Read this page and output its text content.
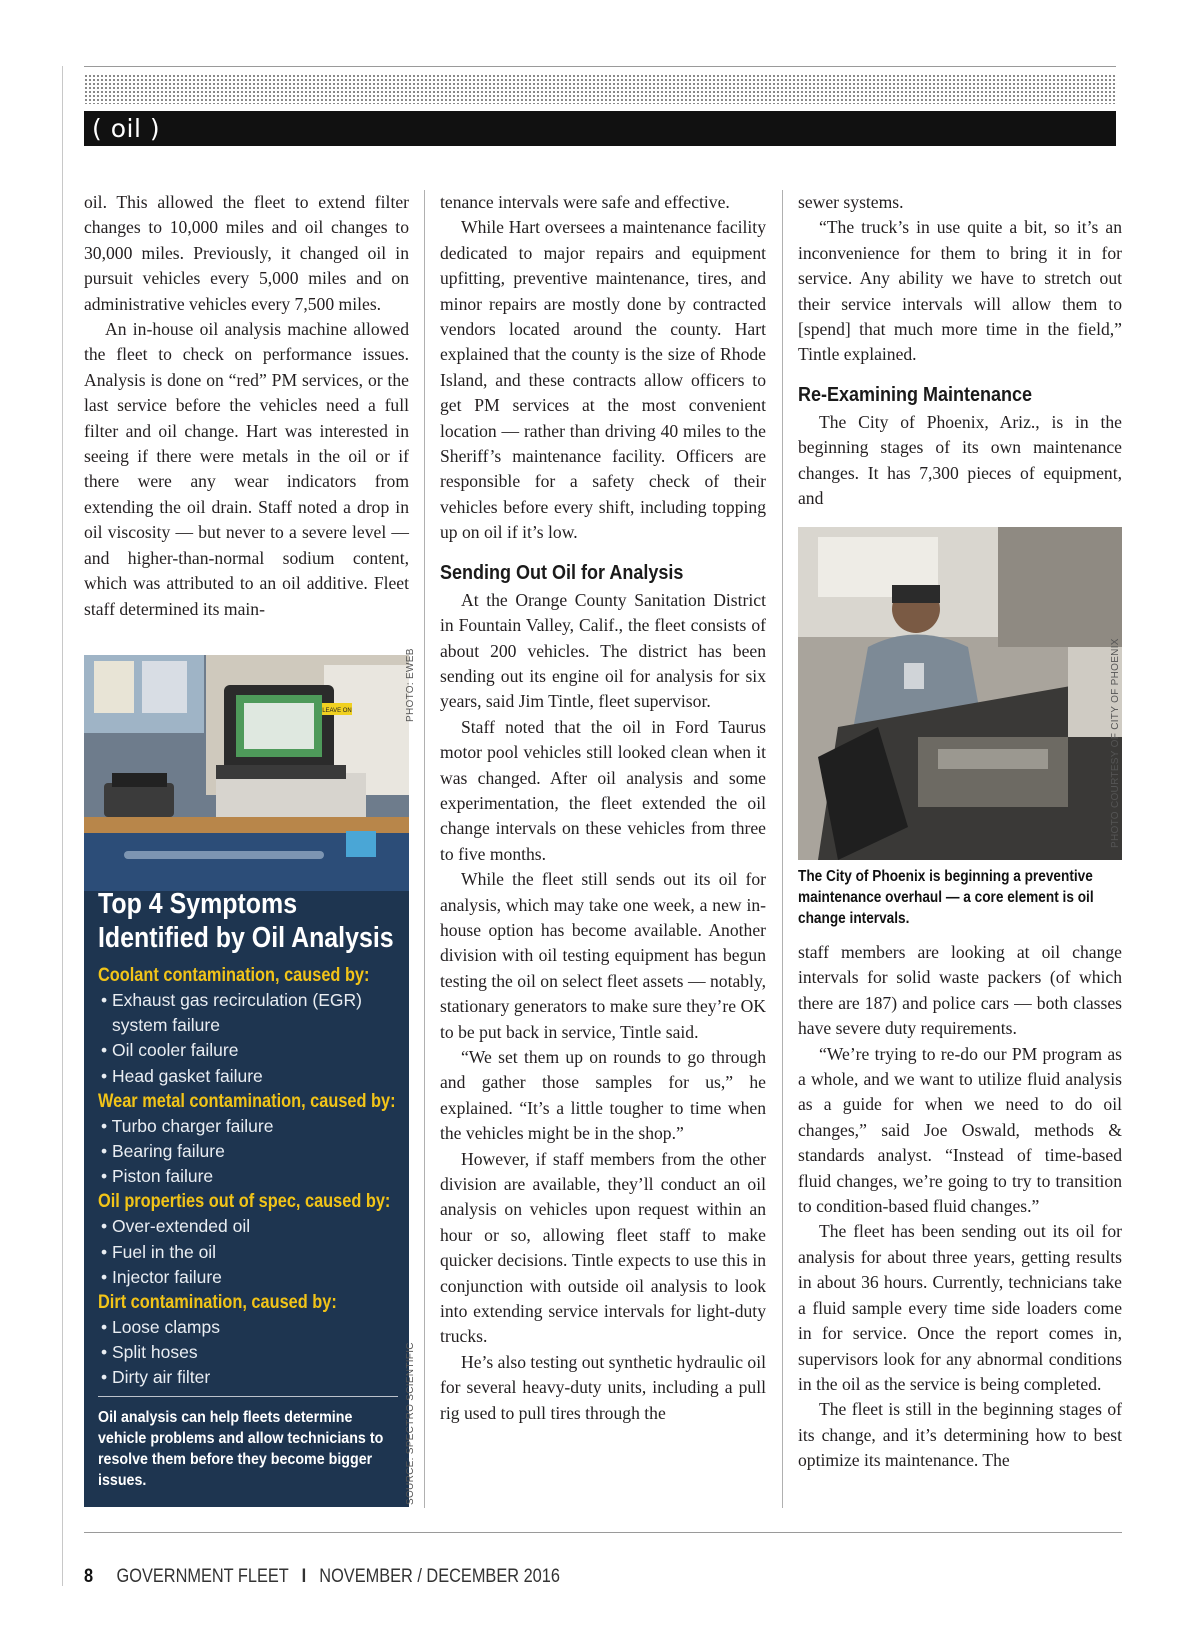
( oil )

oil. This allowed the fleet to extend filter changes to 10,000 miles and oil changes to 30,000 miles. Previously, it changed oil in pursuit vehicles every 5,000 miles and on administrative vehicles every 7,500 miles.

An in-house oil analysis machine allowed the fleet to check on performance issues. Analysis is done on “red” PM services, or the last service before the vehicles need a full filter and oil change. Hart was interested in seeing if there were metals in the oil or if there were any wear indicators from extending the oil drain. Staff noted a drop in oil viscosity — but never to a severe level — and higher-than-normal sodium content, which was attributed to an oil additive. Fleet staff determined its main-

LEAVE ON
Top 4 Symptoms
Identified by Oil Analysis
Coolant contamination, caused by:
• Exhaust gas recirculation (EGR) system failure
• Oil cooler failure
• Head gasket failure
Wear metal contamination, caused by:
• Turbo charger failure
• Bearing failure
• Piston failure
Oil properties out of spec, caused by:
• Over-extended oil
• Fuel in the oil
• Injector failure
Dirt contamination, caused by:
• Loose clamps
• Split hoses
• Dirty air filter
Oil analysis can help fleets determine vehicle problems and allow technicians to resolve them before they become bigger issues.
PHOTO: EWEB
SOURCE: SPECTRO SCIENTIFIC

tenance intervals were safe and effective.

While Hart oversees a maintenance facility dedicated to major repairs and equipment upfitting, preventive maintenance, tires, and minor repairs are mostly done by contracted vendors located around the county. Hart explained that the county is the size of Rhode Island, and these contracts allow officers to get PM services at the most convenient location — rather than driving 40 miles to the Sheriff’s maintenance facility. Officers are responsible for a safety check of their vehicles before every shift, including topping up on oil if it’s low.

Sending Out Oil for Analysis

At the Orange County Sanitation District in Fountain Valley, Calif., the fleet consists of about 200 vehicles. The district has been sending out its engine oil for analysis for six years, said Jim Tintle, fleet supervisor.

Staff noted that the oil in Ford Taurus motor pool vehicles still looked clean when it was changed. After oil analysis and some experimentation, the fleet extended the oil change intervals on these vehicles from three to five months.

While the fleet still sends out its oil for analysis, which may take one week, a new in-house option has become available. Another division with oil testing equipment has begun testing the oil on select fleet assets — notably, stationary generators to make sure they’re OK to be put back in service, Tintle said.

“We set them up on rounds to go through and gather those samples for us,” he explained. “It’s a little tougher to time when the vehicles might be in the shop.”

However, if staff members from the other division are available, they’ll conduct an oil analysis on vehicles upon request within an hour or so, allowing fleet staff to make quicker decisions. Tintle expects to use this in conjunction with outside oil analysis to look into extending service intervals for light-duty trucks.

He’s also testing out synthetic hydraulic oil for several heavy-duty units, including a pull rig used to pull tires through the

sewer systems.

“The truck’s in use quite a bit, so it’s an inconvenience for them to bring it in for service. Any ability we have to stretch out their service intervals will allow them to [spend] that much more time in the field,” Tintle explained.

Re-Examining Maintenance

The City of Phoenix, Ariz., is in the beginning stages of its own maintenance changes. It has 7,300 pieces of equipment, and

PHOTO COURTESY OF CITY OF PHOENIX
The City of Phoenix is beginning a preventive maintenance overhaul — a core element is oil change intervals.

staff members are looking at oil change intervals for solid waste packers (of which there are 187) and police cars — both classes have severe duty requirements.

“We’re trying to re-do our PM program as a whole, and we want to utilize fluid analysis as a guide for when we need to do oil changes,” said Joe Oswald, methods & standards analyst. “Instead of time-based fluid changes, we’re going to try to transition to condition-based fluid changes.”

The fleet has been sending out its oil for analysis for about three years, getting results in about 36 hours. Currently, technicians take a fluid sample every time side loaders come in for service. Once the report comes in, supervisors look for any abnormal conditions in the oil as the service is being completed.

The fleet is still in the beginning stages of its change, and it’s determining how to best optimize its maintenance. The

8 GOVERNMENT FLEET I NOVEMBER / DECEMBER 2016
